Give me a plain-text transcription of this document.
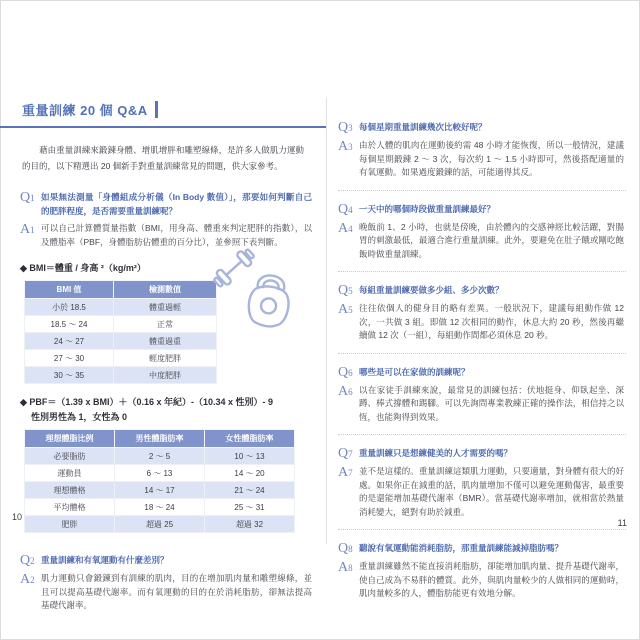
重量訓練 20 個 Q&A
　　藉由重量訓練來鍛鍊身體、增肌增胖和雕塑線條，是許多人做肌力運動的目的，以下精選出 20 個新手對重量訓練常見的問題，供大家參考。
Q1 如果無法測量「身體組成分析儀（In Body 數值）」，那要如何判斷自己的肥胖程度，是否需要重量訓練呢？
A1 可以自己計算體質量指數（BMI，用身高、體重來判定肥胖的指數），以及體脂率（PBF，身體脂肪佔體重的百分比），並參照下表判斷。
◆ BMI＝體重 / 身高 ²（kg/m²）
BMI 值	檢測數值
小於 18.5	體重過輕
18.5 ～ 24	正常
24 ～ 27	體重過重
27 ～ 30	輕度肥胖
30 ～ 35	中度肥胖
◆ PBF＝（1.39 x BMI）＋（0.16 x 年紀）-（10.34 x 性別）- 9
性別男性為 1，女性為 0
理想體脂比例	男性體脂肪率	女性體脂肪率
必要脂肪	2 ～ 5	10 ～ 13
運動員	6 ～ 13	14 ～ 20
理想體格	14 ～ 17	21 ～ 24
平均體格	18 ～ 24	25 ～ 31
肥胖	超過 25	超過 32
Q2 重量訓練和有氧運動有什麼差別？
A2 肌力運動只會鍛鍊到有訓練的肌肉，目的在增加肌肉量和雕塑線條，並且可以提高基礎代謝率。而有氧運動的目的在於消耗脂肪，卻無法提高基礎代謝率。
Q3 每個星期重量訓練幾次比較好呢？
A3 由於人體的肌肉在運動後約需 48 小時才能恢復，所以一般情況，建議每個星期鍛鍊 2 ～ 3 次，每次約 1 ～ 1.5 小時即可，然後搭配適量的有氧運動。如果過度鍛鍊的話，可能適得其反。
Q4 一天中的哪個時段做重量訓練最好？
A4 晚飯前 1、2 小時，也就是傍晚，由於體內的交感神經比較活躍，對腸胃的刺激最低，最適合進行重量訓練。此外，要避免在肚子餓或剛吃飽飯時做重量訓練。
Q5 每組重量訓練要做多少組、多少次數？
A5 往往依個人的健身目的略有差異。一般狀況下，建議每組動作做 12 次，一共做 3 組。即做 12 次相同的動作，休息大約 20 秒，然後再繼續做 12 次（一組），每組動作間都必須休息 20 秒。
Q6 哪些是可以在家做的訓練呢？
A6 以在家徒手訓練來說，最常見的訓練包括：伏地挺身、仰臥起坐、深蹲、棒式撐體和踢腳。可以先詢問專業教練正確的操作法，相信持之以恆，也能夠得到效果。
Q7 重量訓練只是想練健美的人才需要的嗎？
A7 並不是這樣的。重量訓練這類肌力運動，只要適量，對身體有很大的好處。如果你正在減重的話，肌肉量增加不僅可以避免運動傷害，最重要的是還能增加基礎代謝率（BMR）。當基礎代謝率增加，就相當於熱量消耗變大，絕對有助於減重。
Q8 聽說有氧運動能消耗脂肪，那重量訓練能減掉脂肪嗎？
A8 重量訓練雖然不能直接消耗脂肪，卻能增加肌肉量、提升基礎代謝率，使自己成為不易胖的體質。此外，與肌肉量較少的人做相同的運動時，肌肉量較多的人，體脂肪能更有效地分解。
10
11
